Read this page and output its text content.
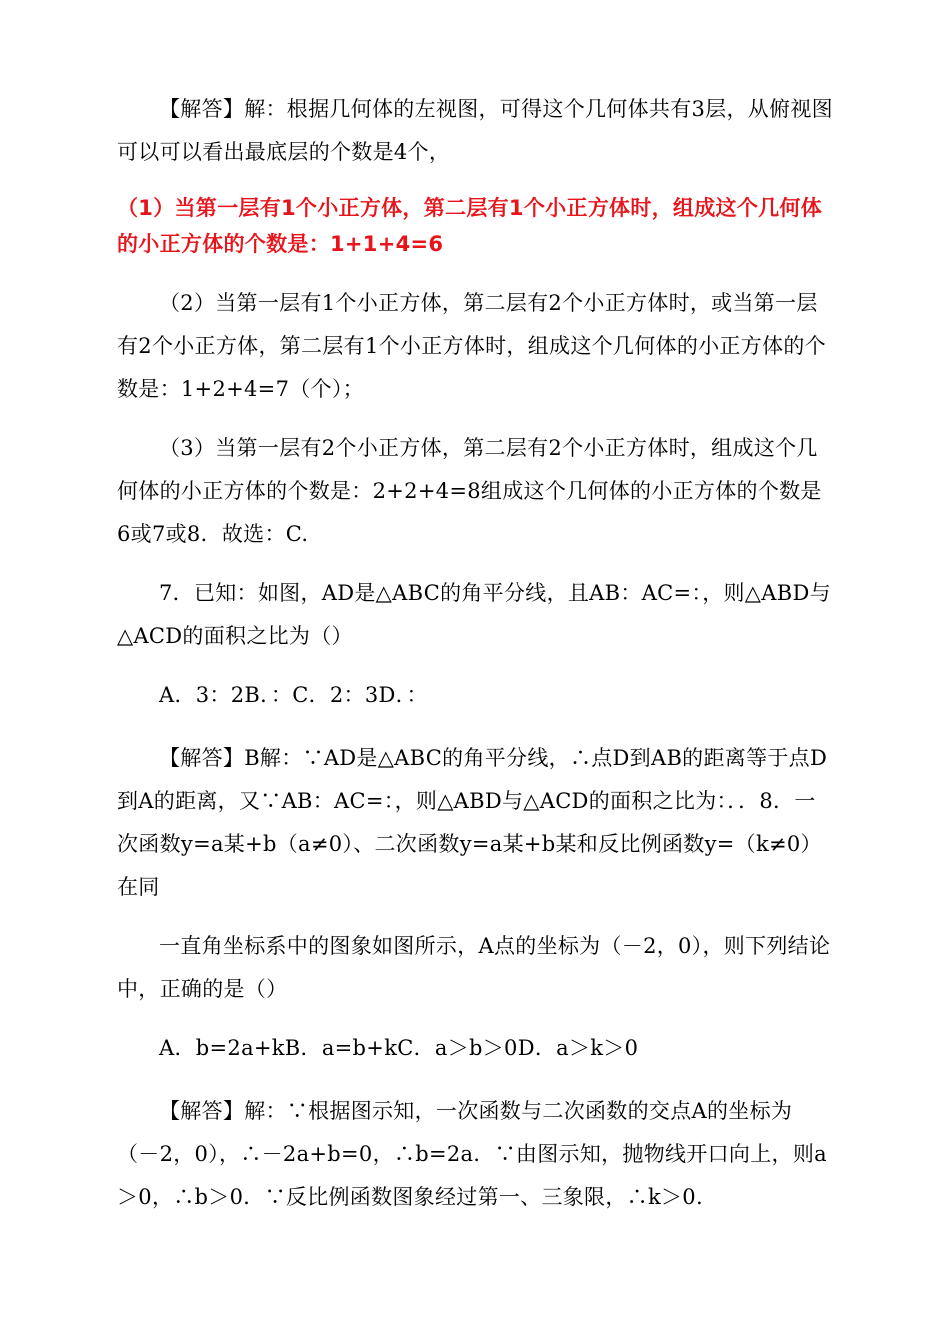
【解答】解：根据几何体的左视图，可得这个几何体共有3层，从俯视图可以可以看出最底层的个数是4个，

（1）当第一层有1个小正方体，第二层有1个小正方体时，组成这个几何体的小正方体的个数是：1+1+4=6

（2）当第一层有1个小正方体，第二层有2个小正方体时，或当第一层有2个小正方体，第二层有1个小正方体时，组成这个几何体的小正方体的个数是：1+2+4=7（个）；

（3）当第一层有2个小正方体，第二层有2个小正方体时，组成这个几何体的小正方体的个数是：2+2+4=8组成这个几何体的小正方体的个数是6或7或8．故选：C.

7．已知：如图，AD是△ABC的角平分线，且AB：AC=：，则△ABD与△ACD的面积之比为（）

A．3：2B．：C．2：3D．：

【解答】B解：∵AD是△ABC的角平分线，∴点D到AB的距离等于点D到A的距离，又∵AB：AC=：，则△ABD与△ACD的面积之比为：．．8．一次函数y=a某+b（a≠0）、二次函数y=a某+b某和反比例函数y=（k≠0）在同

一直角坐标系中的图象如图所示，A点的坐标为（－2，0），则下列结论中，正确的是（）

A．b=2a+kB．a=b+kC．a＞b＞0D．a＞k＞0

【解答】解：∵根据图示知，一次函数与二次函数的交点A的坐标为（－2，0），∴－2a+b=0，∴b=2a．∵由图示知，抛物线开口向上，则a＞0，∴b＞0．∵反比例函数图象经过第一、三象限，∴k＞0.
